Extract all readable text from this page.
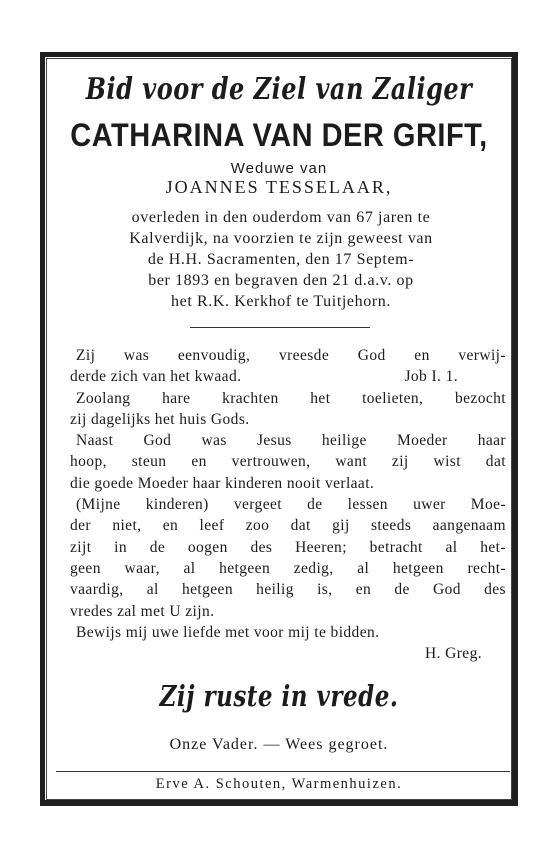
Bid voor de Ziel van Zaliger
CATHARINA VAN DER GRIFT,
Weduwe van
JOANNES TESSELAAR,
overleden in den ouderdom van 67 jaren te
Kalverdijk, na voorzien te zijn geweest van
de H.H. Sacramenten, den 17 Septem-
ber 1893 en begraven den 21 d.a.v. op
het R.K. Kerkhof te Tuitjehorn.
Zij was eenvoudig, vreesde God en verwij-
derde zich van het kwaad.	Job I. 1.
Zoolang hare krachten het toelieten, bezocht
zij dagelijks het huis Gods.
Naast God was Jesus heilige Moeder haar
hoop, steun en vertrouwen, want zij wist dat
die goede Moeder haar kinderen nooit verlaat.
(Mijne kinderen) vergeet de lessen uwer Moe-
der niet, en leef zoo dat gij steeds aangenaam
zijt in de oogen des Heeren; betracht al het-
geen waar, al hetgeen zedig, al hetgeen recht-
vaardig, al hetgeen heilig is, en de God des
vredes zal met U zijn.
Bewijs mij uwe liefde met voor mij te bidden.
H. Greg.
Zij ruste in vrede.
Onze Vader. — Wees gegroet.
Erve A. Schouten, Warmenhuizen.
